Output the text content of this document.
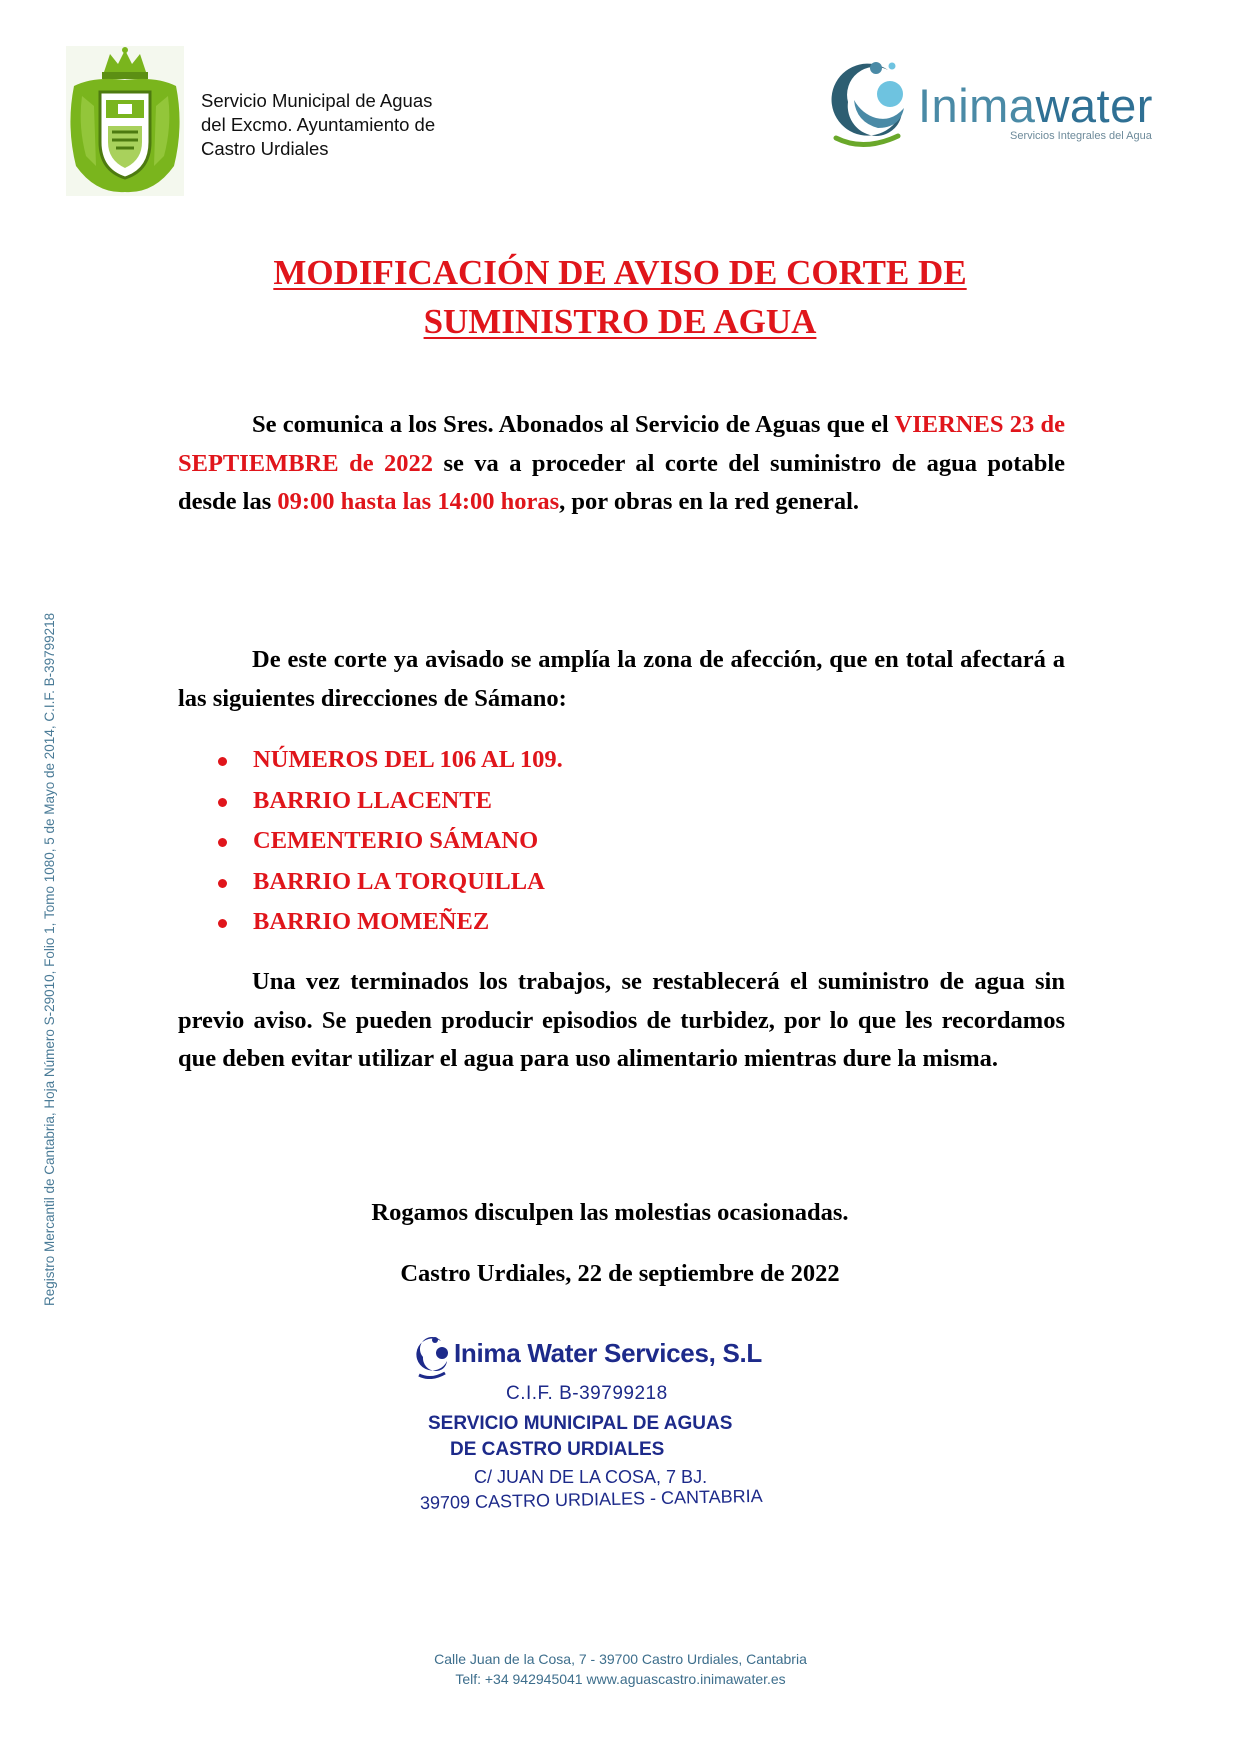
Servicio Municipal de Aguas
del Excmo. Ayuntamiento de
Castro Urdiales
Inimawater
Servicios Integrales del Agua
MODIFICACIÓN DE AVISO DE CORTE DE
SUMINISTRO DE AGUA
Se comunica a los Sres. Abonados al Servicio de Aguas que el VIERNES 23 de SEPTIEMBRE de 2022 se va a proceder al corte del suministro de agua potable desde las 09:00 hasta las 14:00 horas, por obras en la red general.
De este corte ya avisado se amplía la zona de afección, que en total afectará a las siguientes direcciones de Sámano:
NÚMEROS DEL 106 AL 109.
BARRIO LLACENTE
CEMENTERIO SÁMANO
BARRIO LA TORQUILLA
BARRIO MOMEÑEZ
Una vez terminados los trabajos, se restablecerá el suministro de agua sin previo aviso. Se pueden producir episodios de turbidez, por lo que les recordamos que deben evitar utilizar el agua para uso alimentario mientras dure la misma.
Rogamos disculpen las molestias ocasionadas.
Castro Urdiales, 22 de septiembre de 2022
Inima Water Services, S.L
C.I.F. B-39799218
SERVICIO MUNICIPAL DE AGUAS
DE CASTRO URDIALES
C/ JUAN DE LA COSA, 7 BJ.
39709 CASTRO URDIALES - CANTABRIA
Registro Mercantil de Cantabria, Hoja Número S-29010, Folio 1, Tomo 1080, 5 de Mayo de 2014, C.I.F. B-39799218
Calle Juan de la Cosa, 7 - 39700 Castro Urdiales, Cantabria
Telf: +34 942945041 www.aguascastro.inimawater.es
